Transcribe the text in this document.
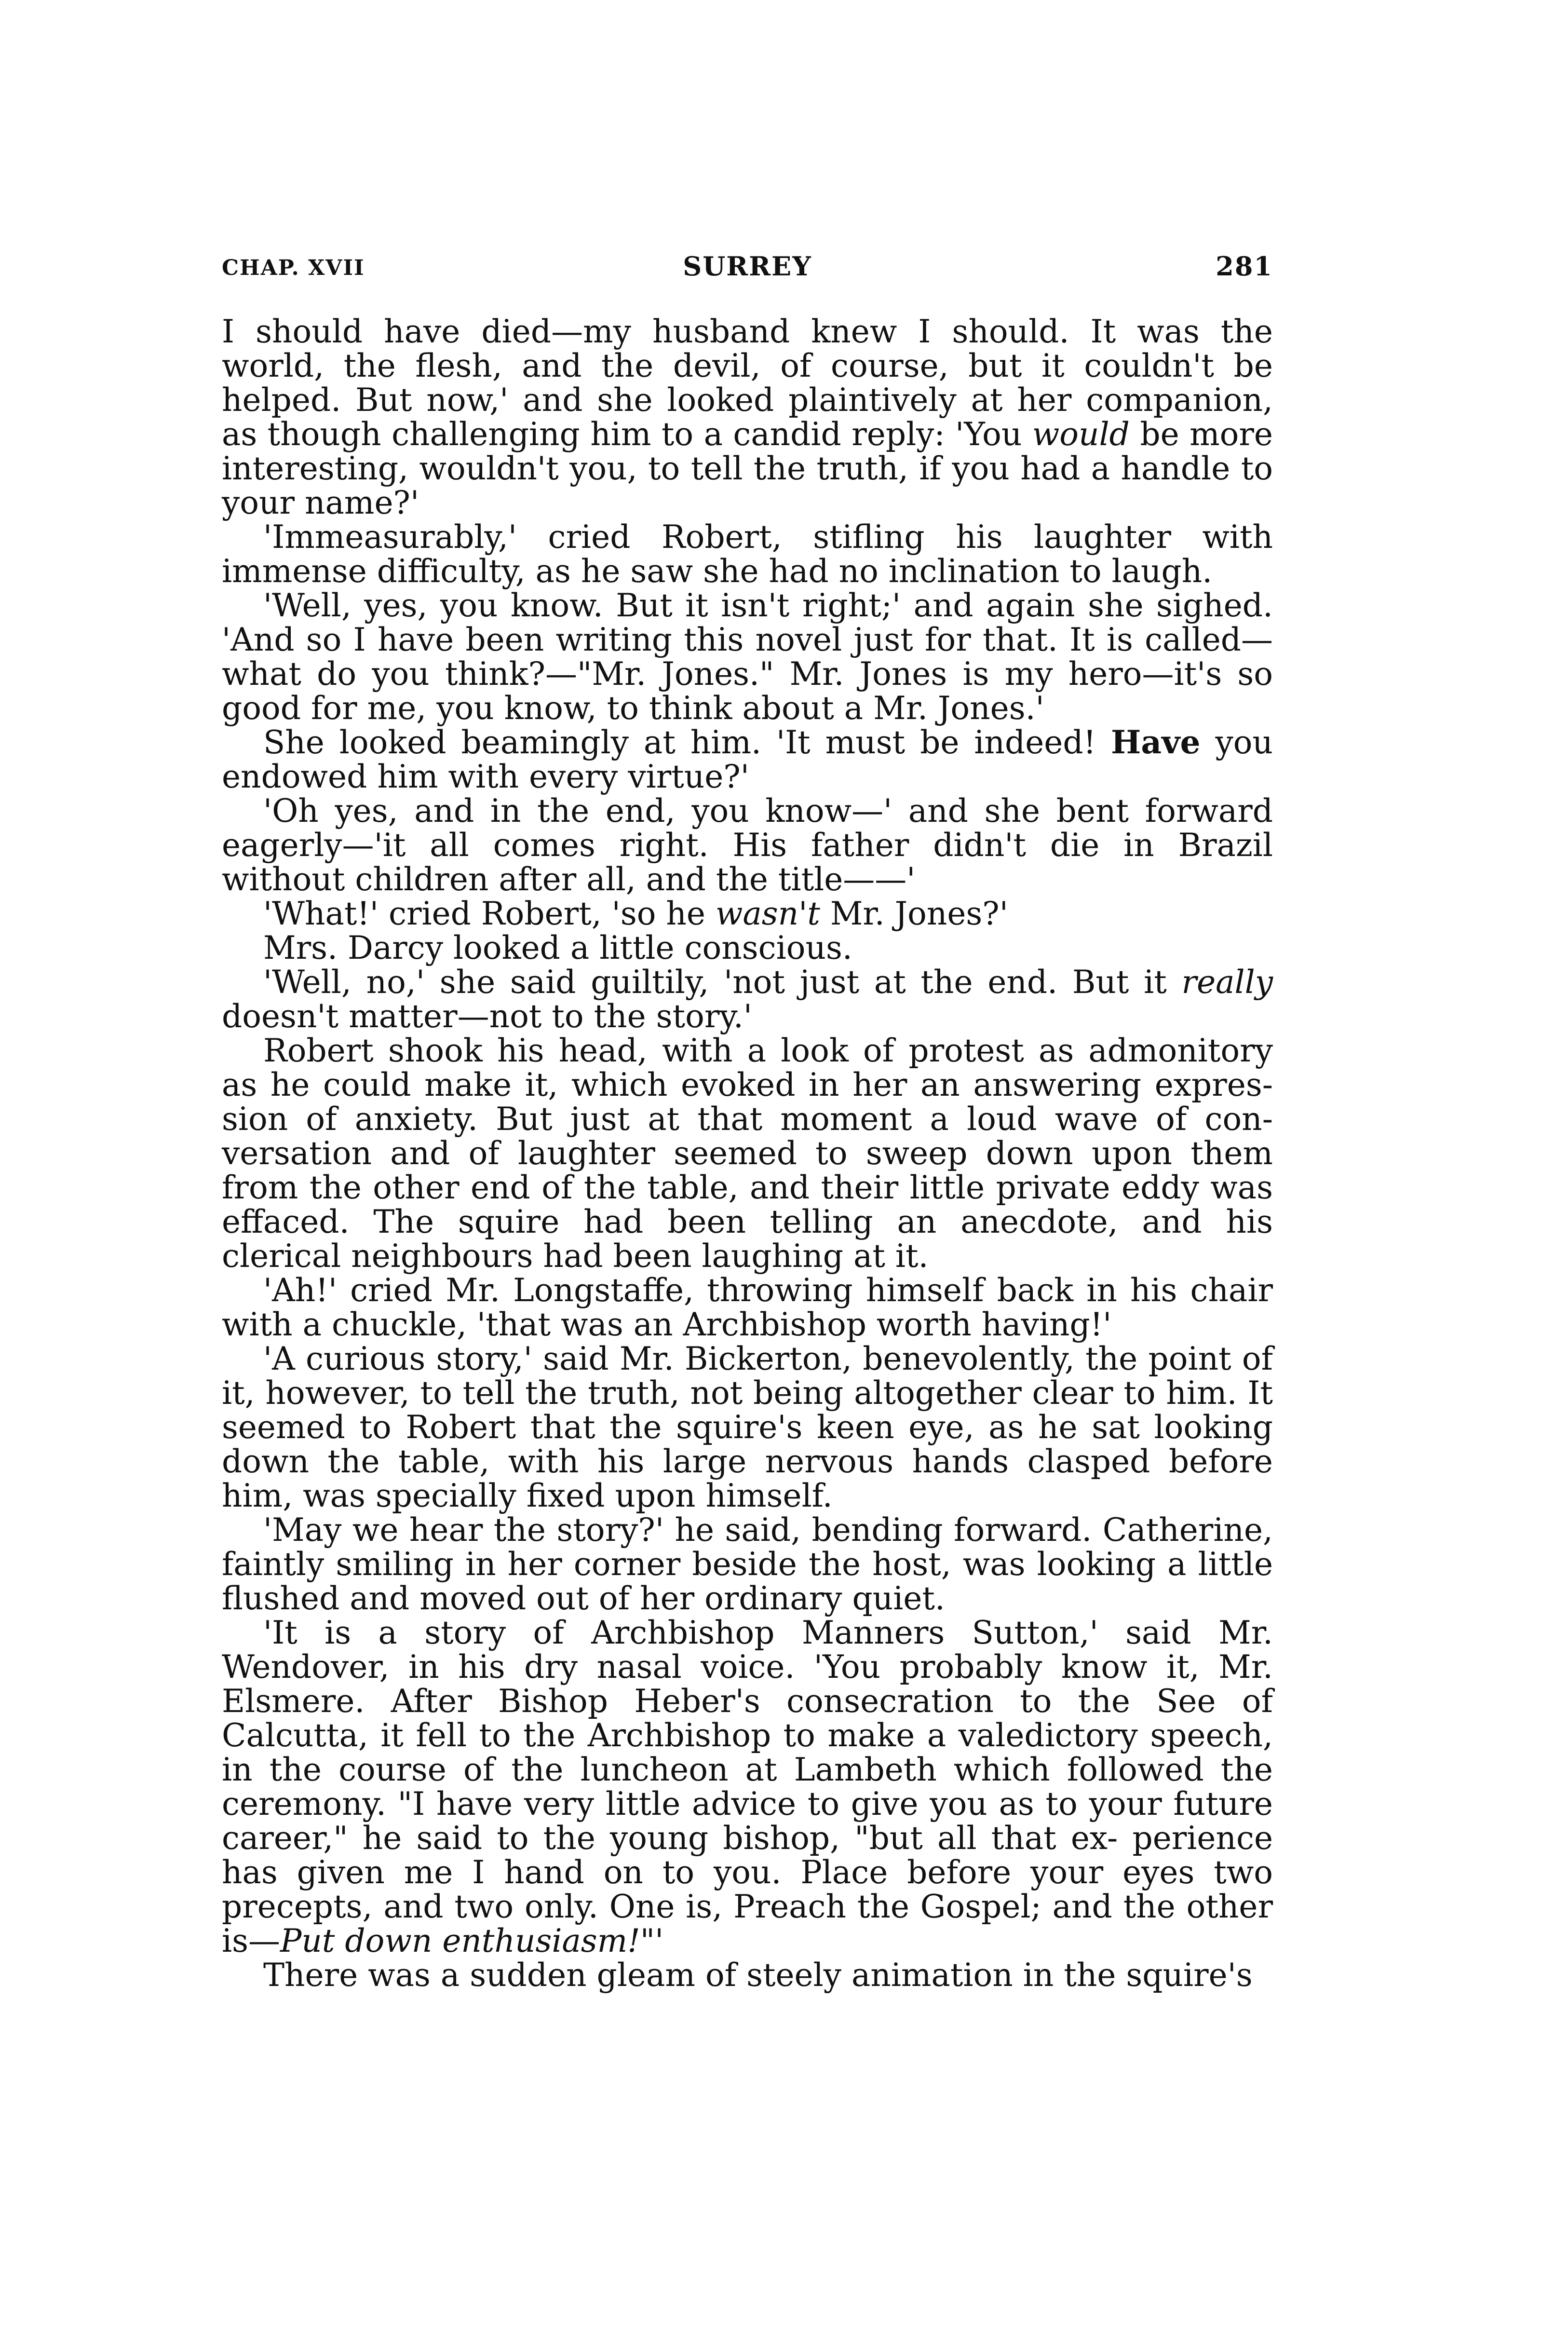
CHAP. XVII	SURREY	281

I should have died—my husband knew I should. It was the world, the flesh, and the devil, of course, but it couldn't be helped. But now,' and she looked plaintively at her companion, as though challenging him to a candid reply: 'You would be more interesting, wouldn't you, to tell the truth, if you had a handle to your name?'

'Immeasurably,' cried Robert, stifling his laughter with immense difficulty, as he saw she had no inclination to laugh.

'Well, yes, you know. But it isn't right;' and again she sighed. 'And so I have been writing this novel just for that. It is called—what do you think?—"Mr. Jones." Mr. Jones is my hero—it's so good for me, you know, to think about a Mr. Jones.'

She looked beamingly at him. 'It must be indeed! Have you endowed him with every virtue?'

'Oh yes, and in the end, you know—' and she bent forward eagerly—'it all comes right. His father didn't die in Brazil without children after all, and the title——'

'What!' cried Robert, 'so he wasn't Mr. Jones?'

Mrs. Darcy looked a little conscious.

'Well, no,' she said guiltily, 'not just at the end. But it really doesn't matter—not to the story.'

Robert shook his head, with a look of protest as admonitory as he could make it, which evoked in her an answering expres- sion of anxiety. But just at that moment a loud wave of con- versation and of laughter seemed to sweep down upon them from the other end of the table, and their little private eddy was effaced. The squire had been telling an anecdote, and his clerical neighbours had been laughing at it.

'Ah!' cried Mr. Longstaffe, throwing himself back in his chair with a chuckle, 'that was an Archbishop worth having!'

'A curious story,' said Mr. Bickerton, benevolently, the point of it, however, to tell the truth, not being altogether clear to him. It seemed to Robert that the squire's keen eye, as he sat looking down the table, with his large nervous hands clasped before him, was specially fixed upon himself.

'May we hear the story?' he said, bending forward. Catherine, faintly smiling in her corner beside the host, was looking a little flushed and moved out of her ordinary quiet.

'It is a story of Archbishop Manners Sutton,' said Mr. Wendover, in his dry nasal voice. 'You probably know it, Mr. Elsmere. After Bishop Heber's consecration to the See of Calcutta, it fell to the Archbishop to make a valedictory speech, in the course of the luncheon at Lambeth which followed the ceremony. "I have very little advice to give you as to your future career," he said to the young bishop, "but all that ex- perience has given me I hand on to you. Place before your eyes two precepts, and two only. One is, Preach the Gospel; and the other is—Put down enthusiasm!"'

There was a sudden gleam of steely animation in the squire's
